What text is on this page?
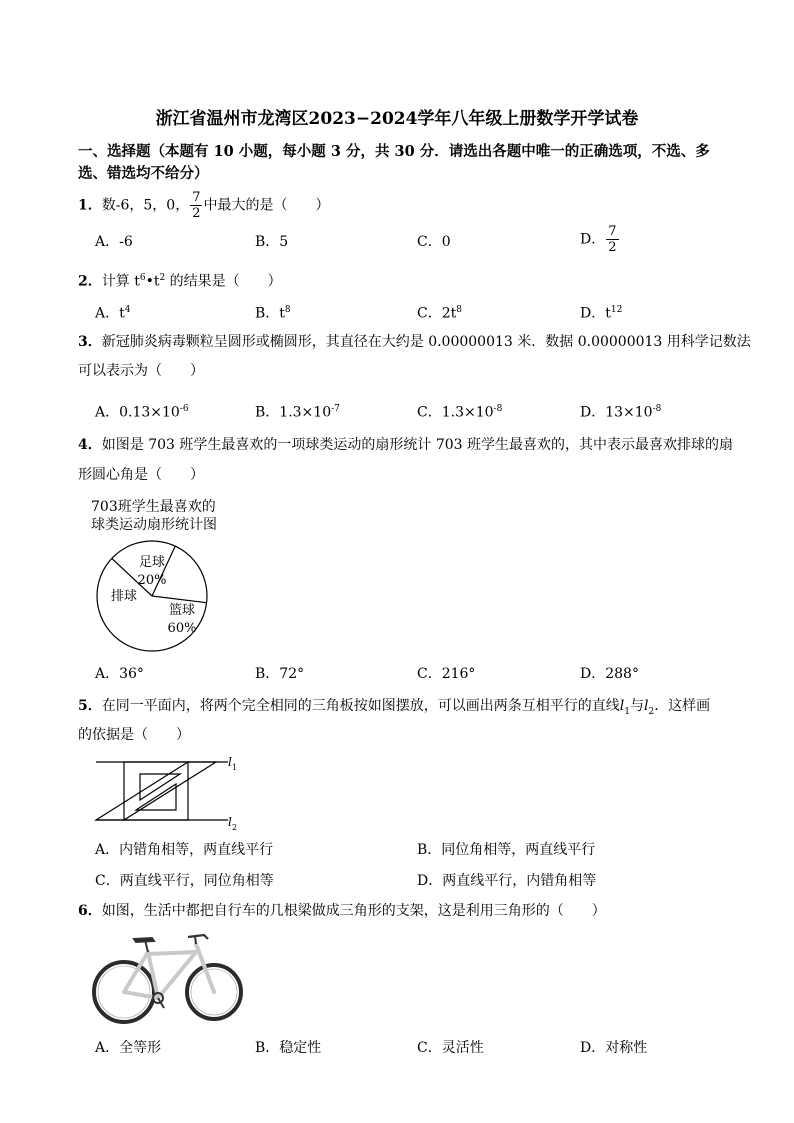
浙江省温州市龙湾区2023−2024学年八年级上册数学开学试卷
一、选择题（本题有 10 小题，每小题 3 分，共 30 分．请选出各题中唯一的正确选项，不选、多
选、错选均不给分）
1．数-6，5，0， $\frac{7}{2}$ 中最大的是（　　）
A．-6	B．5	C．0	D． $\frac{7}{2}$
2．计算 $t^6•t^2$ 的结果是（　　）
A．$t^4$	B．$t^8$	C．$2t^8$	D．$t^{12}$
3．新冠肺炎病毒颗粒呈圆形或椭圆形，其直径在大约是 0.00000013 米．数据 0.00000013 用科学记数法
可以表示为（　　）
A．$0.13\times 10^{-6}$	B．$1.3\times 10^{-7}$	C．$1.3\times 10^{-8}$	D．$13\times 10^{-8}$
4．如图是 703 班学生最喜欢的一项球类运动的扇形统计 703 班学生最喜欢的，其中表示最喜欢排球的扇
形圆心角是（　　）
703班学生最喜欢的
球类运动扇形统计图
足球
20%
排球
篮球
60%
A．36°	B．72°	C．216°	D．288°
5．在同一平面内，将两个完全相同的三角板按如图摆放，可以画出两条互相平行的直线$l_1$与$l_2$．这样画
的依据是（　　）
l 1
l 2
A．内错角相等，两直线平行	B．同位角相等，两直线平行
C．两直线平行，同位角相等	D．两直线平行，内错角相等
6．如图，生活中都把自行车的几根梁做成三角形的支架，这是利用三角形的（　　）
A．全等形	B．稳定性	C．灵活性	D．对称性
